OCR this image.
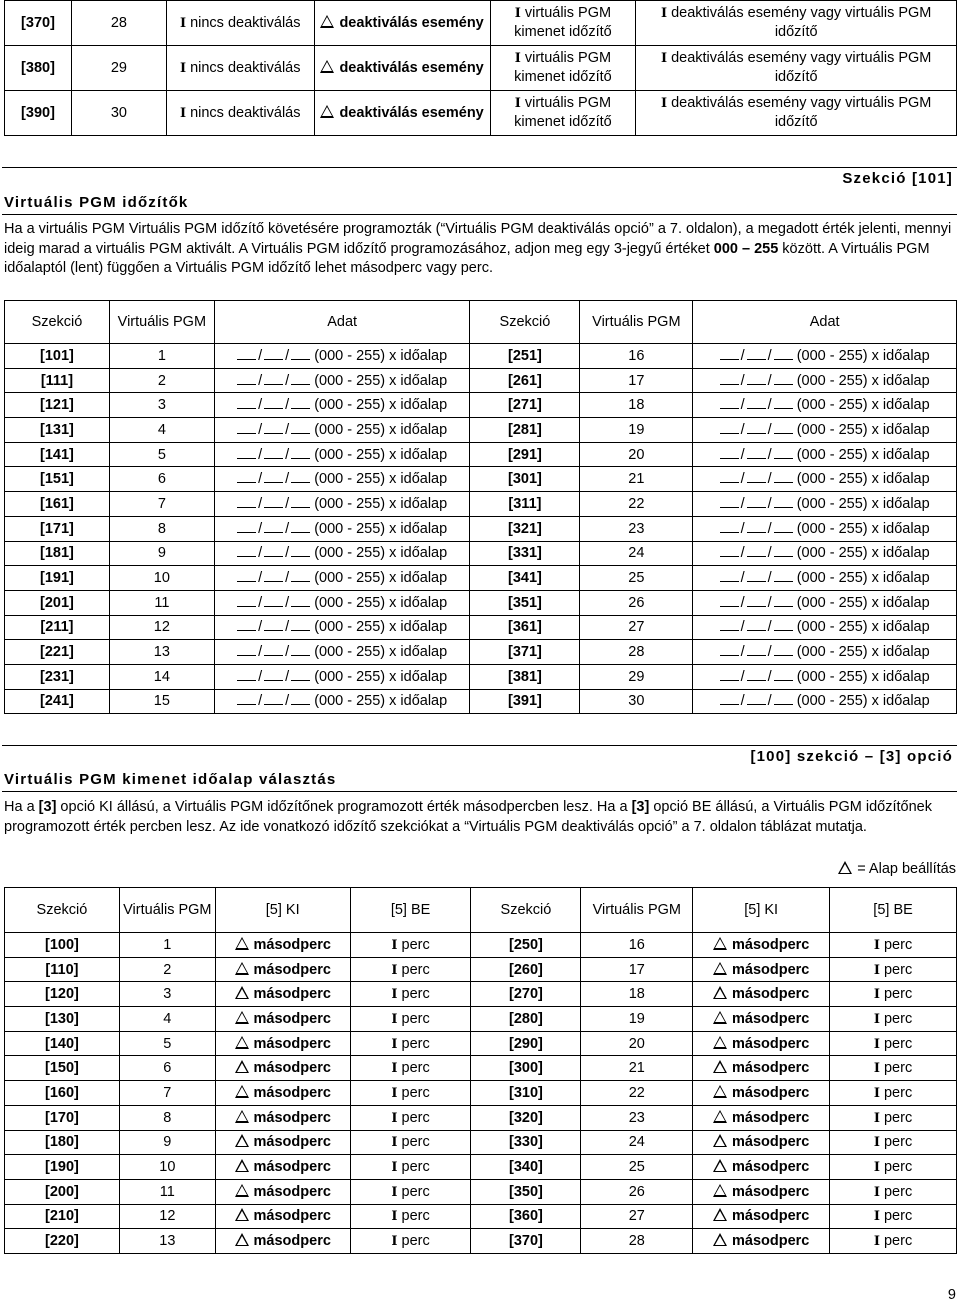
[370]	28	I nincs deaktiválás	deaktiválás esemény	I virtuális PGM kimenet időzítő	I deaktiválás esemény vagy virtuális PGM időzítő
[380]	29	I nincs deaktiválás	deaktiválás esemény	I virtuális PGM kimenet időzítő	I deaktiválás esemény vagy virtuális PGM időzítő
[390]	30	I nincs deaktiválás	deaktiválás esemény	I virtuális PGM kimenet időzítő	I deaktiválás esemény vagy virtuális PGM időzítő
Virtuális PGM időzítők
Szekció [101]
Ha a virtuális PGM Virtuális PGM időzítő követésére programozták (“Virtuális PGM deaktiválás opció” a 7. oldalon), a megadott érték jelenti, mennyi ideig marad a virtuális PGM aktivált. A Virtuális PGM időzítő programozásához, adjon meg egy 3-jegyű értéket 000 – 255 között. A Virtuális PGM időalaptól (lent) függően a Virtuális PGM időzítő lehet másodperc vagy perc.
Szekció	Virtuális PGM	Adat	Szekció	Virtuális PGM	Adat
[101]	1	/ / (000 - 255) x időalap	[251]	16	/ / (000 - 255) x időalap
[111]	2	/ / (000 - 255) x időalap	[261]	17	/ / (000 - 255) x időalap
[121]	3	/ / (000 - 255) x időalap	[271]	18	/ / (000 - 255) x időalap
[131]	4	/ / (000 - 255) x időalap	[281]	19	/ / (000 - 255) x időalap
[141]	5	/ / (000 - 255) x időalap	[291]	20	/ / (000 - 255) x időalap
[151]	6	/ / (000 - 255) x időalap	[301]	21	/ / (000 - 255) x időalap
[161]	7	/ / (000 - 255) x időalap	[311]	22	/ / (000 - 255) x időalap
[171]	8	/ / (000 - 255) x időalap	[321]	23	/ / (000 - 255) x időalap
[181]	9	/ / (000 - 255) x időalap	[331]	24	/ / (000 - 255) x időalap
[191]	10	/ / (000 - 255) x időalap	[341]	25	/ / (000 - 255) x időalap
[201]	11	/ / (000 - 255) x időalap	[351]	26	/ / (000 - 255) x időalap
[211]	12	/ / (000 - 255) x időalap	[361]	27	/ / (000 - 255) x időalap
[221]	13	/ / (000 - 255) x időalap	[371]	28	/ / (000 - 255) x időalap
[231]	14	/ / (000 - 255) x időalap	[381]	29	/ / (000 - 255) x időalap
[241]	15	/ / (000 - 255) x időalap	[391]	30	/ / (000 - 255) x időalap
Virtuális PGM kimenet időalap választás
[100] szekció – [3] opció
Ha a [3] opció KI állású, a Virtuális PGM időzítőnek programozott érték másodpercben lesz. Ha a [3] opció BE állású, a Virtuális PGM időzítőnek programozott érték percben lesz. Az ide vonatkozó időzítő szekciókat a “Virtuális PGM deaktiválás opció” a 7. oldalon táblázat mutatja.
= Alap beállítás
Szekció	Virtuális PGM	[5] KI	[5] BE	Szekció	Virtuális PGM	[5] KI	[5] BE
[100]	1	másodperc	I perc	[250]	16	másodperc	I perc
[110]	2	másodperc	I perc	[260]	17	másodperc	I perc
[120]	3	másodperc	I perc	[270]	18	másodperc	I perc
[130]	4	másodperc	I perc	[280]	19	másodperc	I perc
[140]	5	másodperc	I perc	[290]	20	másodperc	I perc
[150]	6	másodperc	I perc	[300]	21	másodperc	I perc
[160]	7	másodperc	I perc	[310]	22	másodperc	I perc
[170]	8	másodperc	I perc	[320]	23	másodperc	I perc
[180]	9	másodperc	I perc	[330]	24	másodperc	I perc
[190]	10	másodperc	I perc	[340]	25	másodperc	I perc
[200]	11	másodperc	I perc	[350]	26	másodperc	I perc
[210]	12	másodperc	I perc	[360]	27	másodperc	I perc
[220]	13	másodperc	I perc	[370]	28	másodperc	I perc
9
